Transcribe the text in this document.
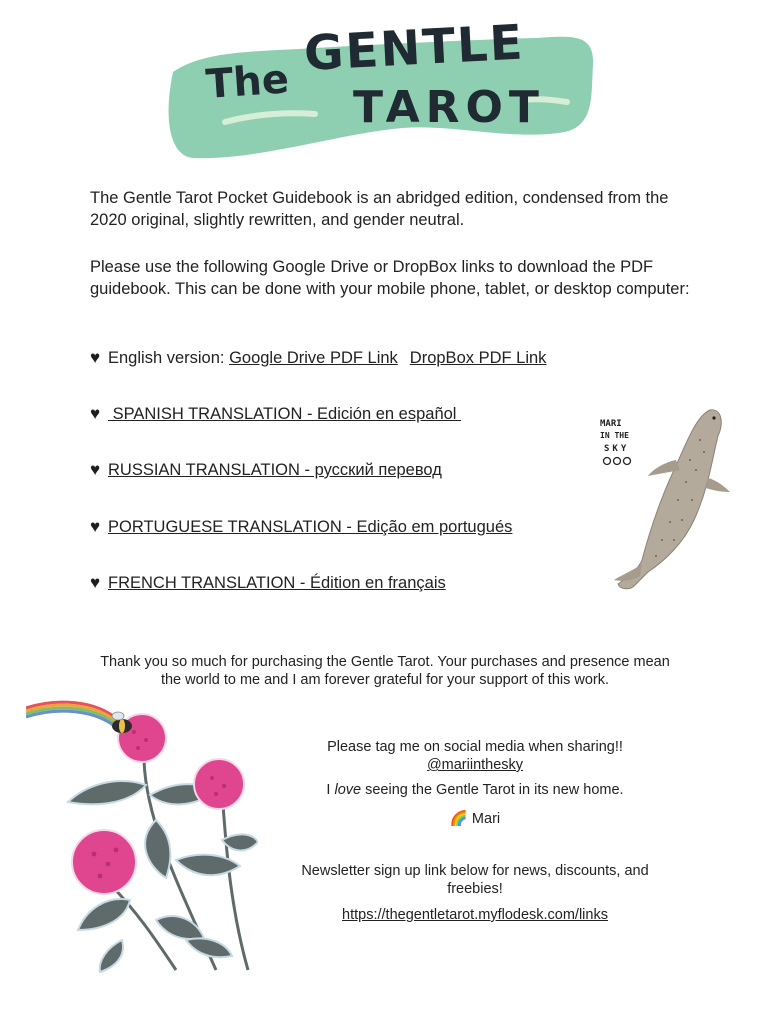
The
GENTLE
TAROT

The Gentle Tarot Pocket Guidebook is an abridged edition, condensed from the 2020 original, slightly rewritten, and gender neutral.

Please use the following Google Drive or DropBox links to download the PDF guidebook. This can be done with your mobile phone, tablet, or desktop computer:

♥ English version: Google Drive PDF Link DropBox PDF Link
♥ SPANISH TRANSLATION - Edición en español
♥ RUSSIAN TRANSLATION - русский перевод
♥ PORTUGUESE TRANSLATION - Edição em portugués
♥ FRENCH TRANSLATION - Édition en français
MARI
IN THE
SKY

Thank you so much for purchasing the Gentle Tarot. Your purchases and presence mean the world to me and I am forever grateful for your support of this work.

Please tag me on social media when sharing!!
@mariinthesky

I love seeing the Gentle Tarot in its new home.

🌈 Mari

Newsletter sign up link below for news, discounts, and freebies!

https://thegentletarot.myflodesk.com/links
